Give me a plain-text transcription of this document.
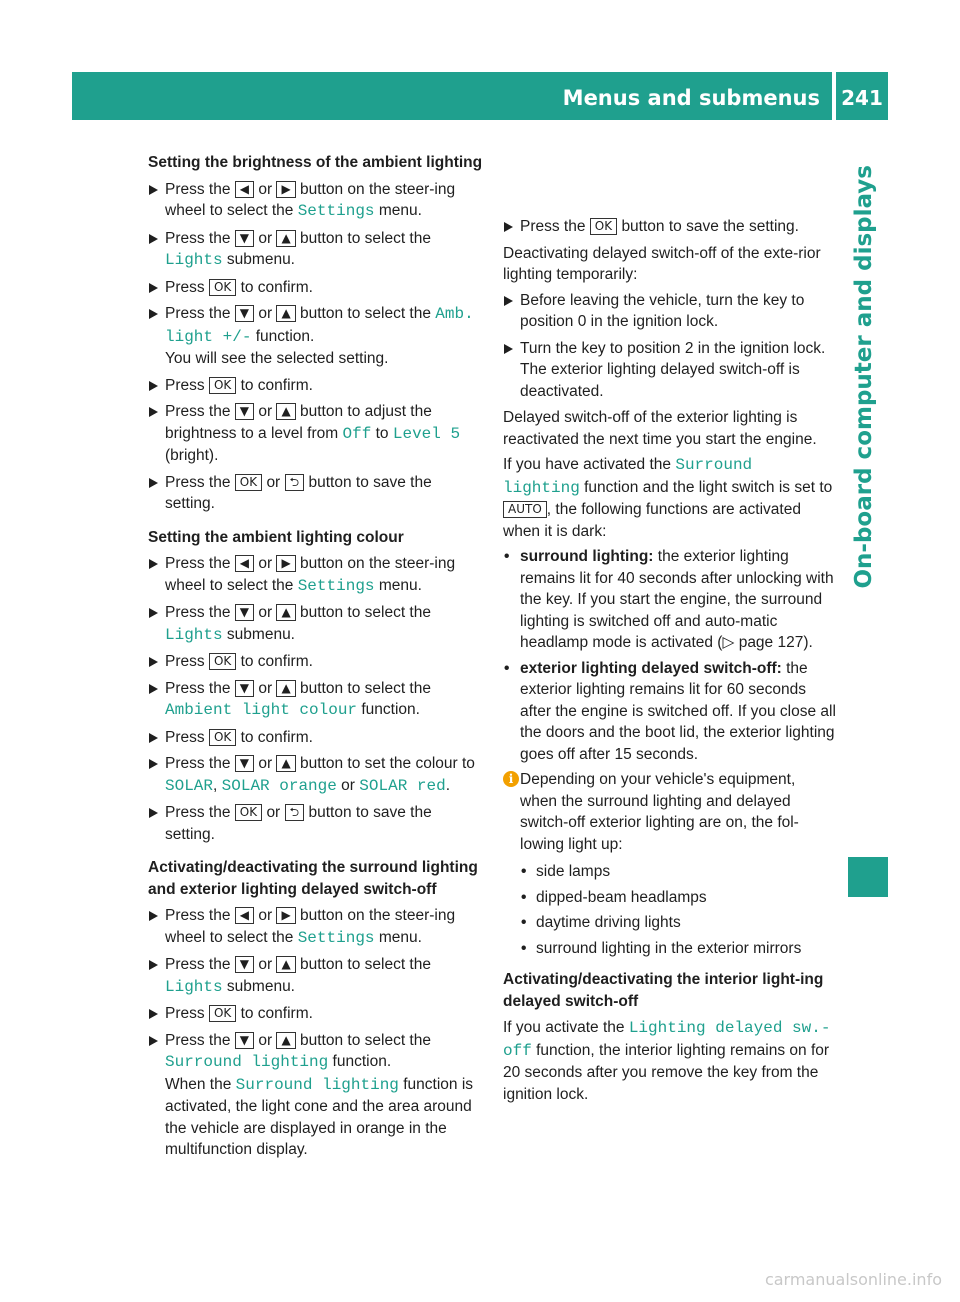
Menus and submenus 241
On-board computer and displays
Setting the brightness of the ambient lighting
Press the ◀ or ▶ button on the steer-ing wheel to select the Settings menu.
Press the ▼ or ▲ button to select the Lights submenu.
Press OK to confirm.
Press the ▼ or ▲ button to select the Amb. light +/- function.
You will see the selected setting.
Press OK to confirm.
Press the ▼ or ▲ button to adjust the brightness to a level from Off to Level 5 (bright).
Press the OK or ⮌ button to save the setting.
Setting the ambient lighting colour
Press the ◀ or ▶ button on the steer-ing wheel to select the Settings menu.
Press the ▼ or ▲ button to select the Lights submenu.
Press OK to confirm.
Press the ▼ or ▲ button to select the Ambient light colour function.
Press OK to confirm.
Press the ▼ or ▲ button to set the colour to SOLAR, SOLAR orange or SOLAR red.
Press the OK or ⮌ button to save the setting.
Activating/deactivating the surround lighting and exterior lighting delayed switch-off
Press the ◀ or ▶ button on the steer-ing wheel to select the Settings menu.
Press the ▼ or ▲ button to select the Lights submenu.
Press OK to confirm.
Press the ▼ or ▲ button to select the Surround lighting function.
When the Surround lighting function is activated, the light cone and the area around the vehicle are displayed in orange in the multifunction display.
Press the OK button to save the setting.

Deactivating delayed switch-off of the exte-rior lighting temporarily:

Before leaving the vehicle, turn the key to position 0 in the ignition lock.
Turn the key to position 2 in the ignition lock.
The exterior lighting delayed switch-off is deactivated.

Delayed switch-off of the exterior lighting is reactivated the next time you start the engine.

If you have activated the Surround lighting function and the light switch is set to AUTO , the following functions are activated when it is dark:

• surround lighting: the exterior lighting remains lit for 40 seconds after unlocking with the key. If you start the engine, the surround lighting is switched off and auto-matic headlamp mode is activated (▷ page 127).
• exterior lighting delayed switch-off: the exterior lighting remains lit for 60 seconds after the engine is switched off. If you close all the doors and the boot lid, the exterior lighting goes off after 15 seconds.
i Depending on your vehicle's equipment, when the surround lighting and delayed switch-off exterior lighting are on, the fol-lowing light up:
• side lamps
• dipped-beam headlamps
• daytime driving lights
• surround lighting in the exterior mirrors
Activating/deactivating the interior light-ing delayed switch-off

If you activate the Lighting delayed sw.-off function, the interior lighting remains on for 20 seconds after you remove the key from the ignition lock.

carmanualsonline.info
